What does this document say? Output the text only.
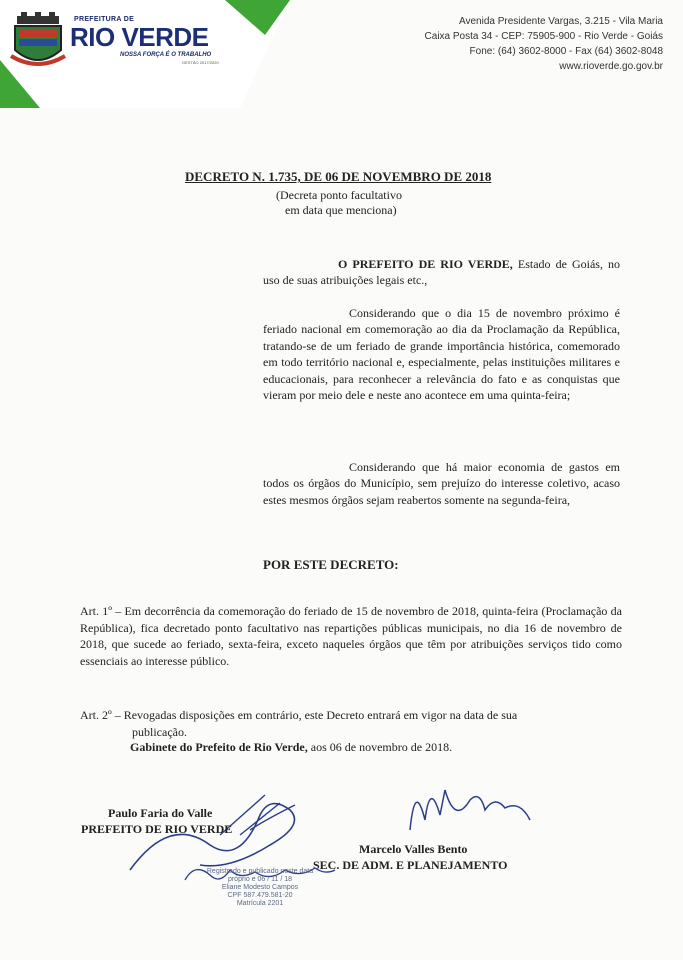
PREFEITURA DE
RIO VERDE
NOSSA FORÇA É O TRABALHO
GESTÃO 2017/2020
Avenida Presidente Vargas, 3.215 - Vila Maria
Caixa Posta 34 - CEP: 75905-900 - Rio Verde - Goiás
Fone: (64) 3602-8000 - Fax (64) 3602-8048
www.rioverde.go.gov.br
DECRETO N. 1.735, DE 06 DE NOVEMBRO DE 2018
(Decreta ponto facultativo
em data que menciona)
O PREFEITO DE RIO VERDE, Estado de Goiás, no uso de suas atribuições legais etc.,
Considerando que o dia 15 de novembro próximo é feriado nacional em comemoração ao dia da Proclamação da República, tratando-se de um feriado de grande importância histórica, comemorado em todo território nacional e, especialmente, pelas instituições militares e educacionais, para reconhecer a relevância do fato e as conquistas que vieram por meio dele e neste ano acontece em uma quinta-feira;
Considerando que há maior economia de gastos em todos os órgãos do Município, sem prejuízo do interesse coletivo, acaso estes mesmos órgãos sejam reabertos somente na segunda-feira,
POR ESTE DECRETO:
Art. 1º – Em decorrência da comemoração do feriado de 15 de novembro de 2018, quinta-feira (Proclamação da República), fica decretado ponto facultativo nas repartições públicas municipais, no dia 16 de novembro de 2018, que sucede ao feriado, sexta-feira, exceto naqueles órgãos que têm por atribuições serviços tido como essenciais ao interesse público.
Art. 2º – Revogadas disposições em contrário, este Decreto entrará em vigor na data de sua
publicação.
Gabinete do Prefeito de Rio Verde, aos 06 de novembro de 2018.
Paulo Faria do Valle
PREFEITO DE RIO VERDE
Marcelo Valles Bento
SEC. DE ADM. E PLANEJAMENTO
Registrado e publicado neste data
próprio e 06 / 11 / 18
Eliane Modesto Campos
CPF 587.479.581-20
Matrícula 2201
